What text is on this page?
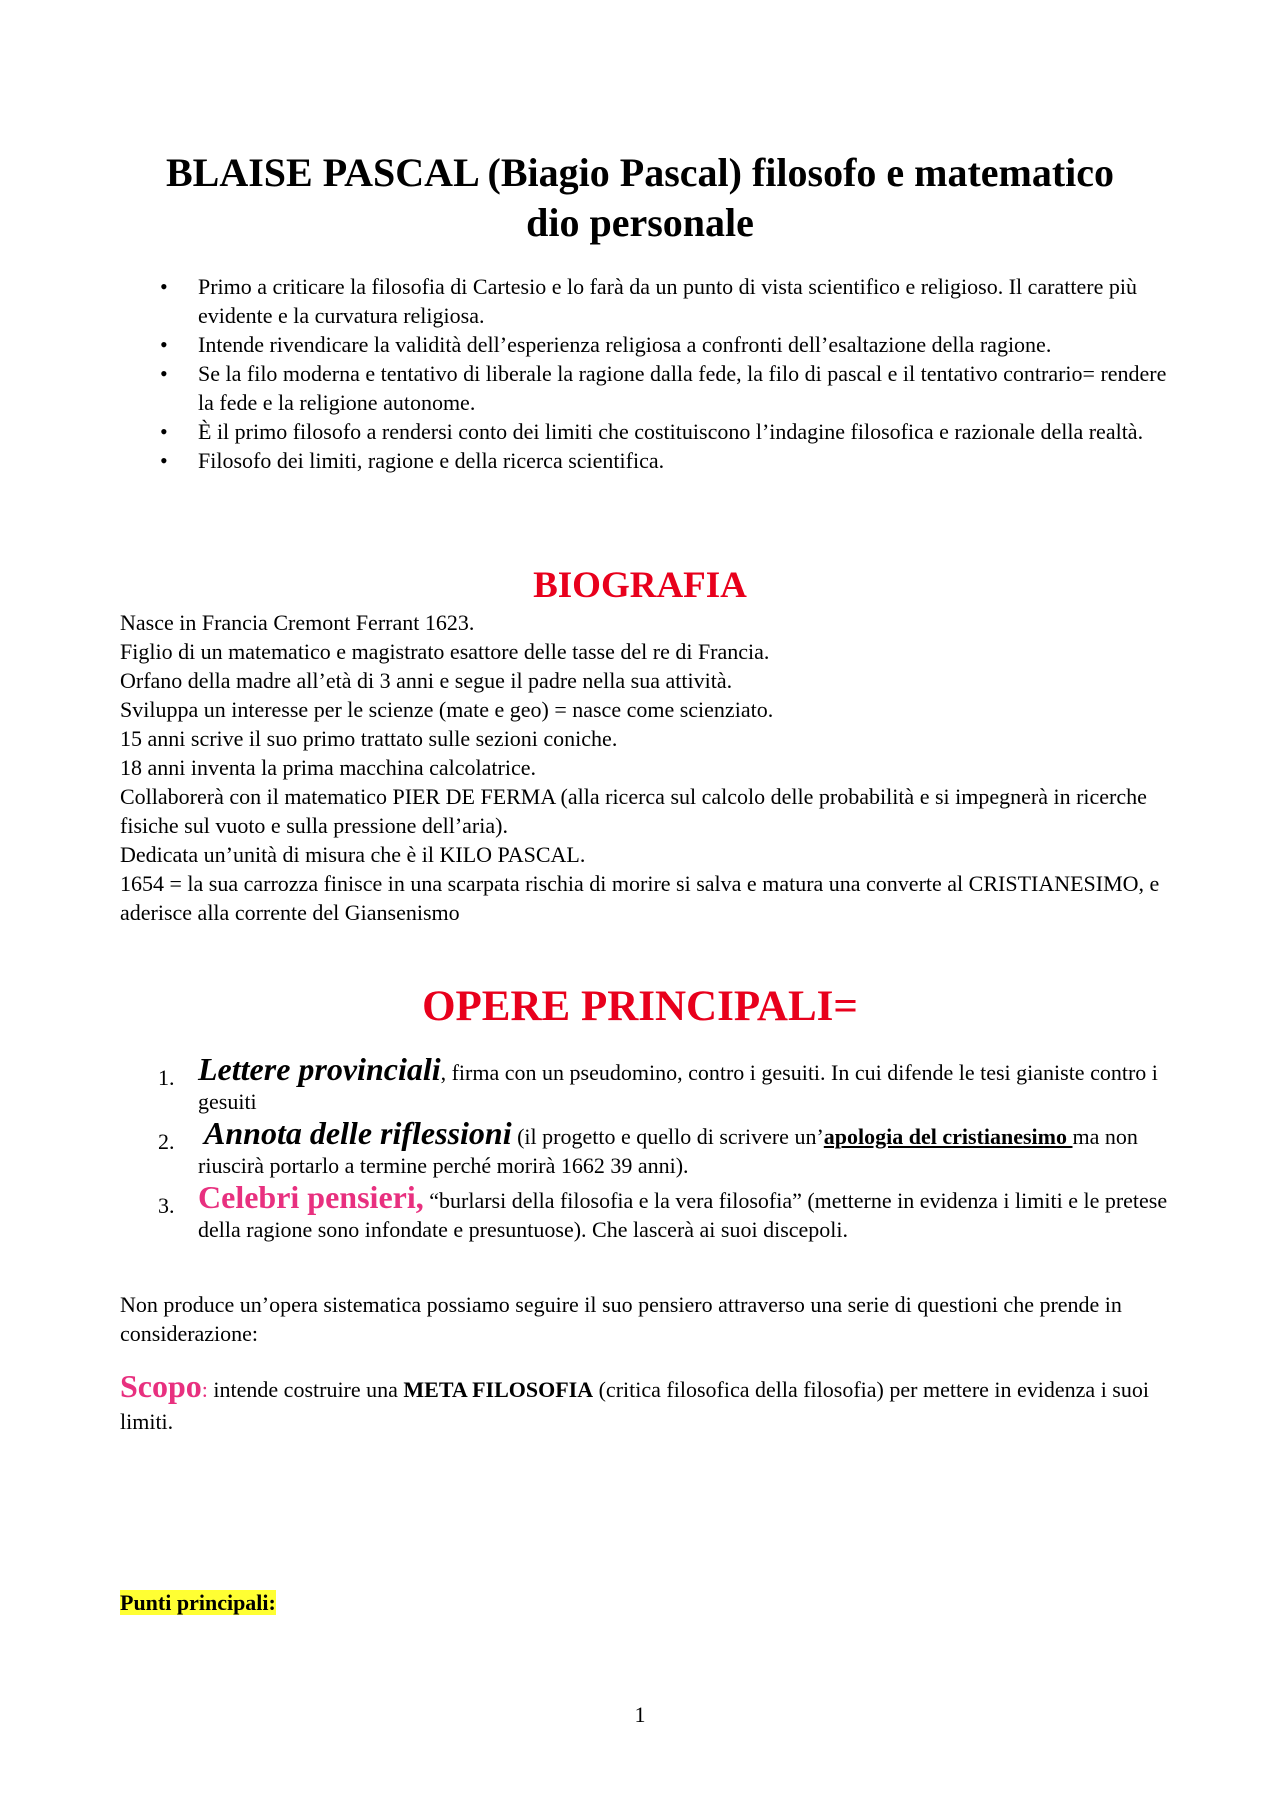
BLAISE PASCAL (Biagio Pascal) filosofo e matematico
dio personale
• Primo a criticare la filosofia di Cartesio e lo farà da un punto di vista scientifico e religioso. Il carattere più evidente e la curvatura religiosa.
• Intende rivendicare la validità dell’esperienza religiosa a confronti dell’esaltazione della ragione.
• Se la filo moderna e tentativo di liberale la ragione dalla fede, la filo di pascal e il tentativo contrario= rendere la fede e la religione autonome.
• È il primo filosofo a rendersi conto dei limiti che costituiscono l’indagine filosofica e razionale della realtà.
• Filosofo dei limiti, ragione e della ricerca scientifica.
BIOGRAFIA

Nasce in Francia Cremont Ferrant 1623.

Figlio di un matematico e magistrato esattore delle tasse del re di Francia.

Orfano della madre all’età di 3 anni e segue il padre nella sua attività.

Sviluppa un interesse per le scienze (mate e geo) = nasce come scienziato.

15 anni scrive il suo primo trattato sulle sezioni coniche.

18 anni inventa la prima macchina calcolatrice.

Collaborerà con il matematico PIER DE FERMA (alla ricerca sul calcolo delle probabilità e si impegnerà in ricerche fisiche sul vuoto e sulla pressione dell’aria).

Dedicata un’unità di misura che è il KILO PASCAL.

1654 = la sua carrozza finisce in una scarpata rischia di morire si salva e matura una converte al CRISTIANESIMO, e aderisce alla corrente del Giansenismo

OPERE PRINCIPALI=
1. Lettere provinciali, firma con un pseudomino, contro i gesuiti. In cui difende le tesi gianiste contro i gesuiti
2. Annota delle riflessioni (il progetto e quello di scrivere un’apologia del cristianesimo ma non riuscirà portarlo a termine perché morirà 1662 39 anni).
3. Celebri pensieri, “burlarsi della filosofia e la vera filosofia” (metterne in evidenza i limiti e le pretese della ragione sono infondate e presuntuose). Che lascerà ai suoi discepoli.

Non produce un’opera sistematica possiamo seguire il suo pensiero attraverso una serie di questioni che prende in considerazione:

Scopo: intende costruire una META FILOSOFIA (critica filosofica della filosofia) per mettere in evidenza i suoi limiti.

Punti principali:

1
